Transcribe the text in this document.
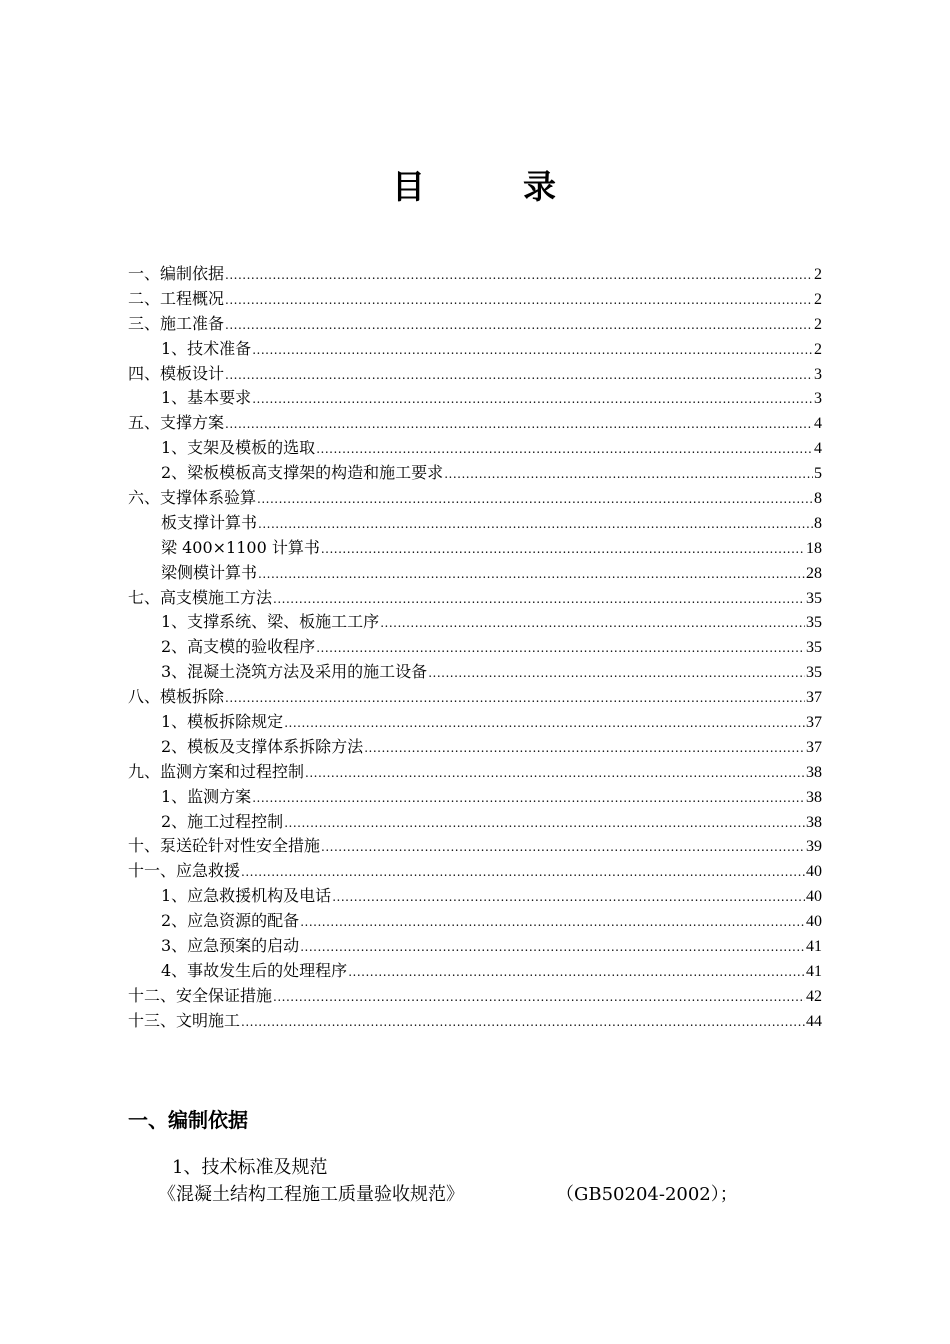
目	录
一、编制依据 .....	2
二、工程概况 .....	2
三、施工准备 .....	2
1、技术准备 .....	2
四、模板设计 .....	3
1、基本要求 .....	3
五、支撑方案 .....	4
1、支架及模板的选取 .....	4
2、梁板模板高支撑架的构造和施工要求 .....	5
六、支撑体系验算 .....	8
板支撑计算书 .....	8
梁 400×1100 计算书 .....	18
梁侧模计算书 .....	28
七、高支模施工方法 .....	35
1、支撑系统、梁、板施工工序 .....	35
2、高支模的验收程序 .....	35
3、混凝土浇筑方法及采用的施工设备 .....	35
八、模板拆除 .....	37
1、模板拆除规定 .....	37
2、模板及支撑体系拆除方法 .....	37
九、监测方案和过程控制 .....	38
1、监测方案 .....	38
2、施工过程控制 .....	38
十、泵送砼针对性安全措施 .....	39
十一、应急救援 .....	40
1、应急救援机构及电话 .....	40
2、应急资源的配备 .....	40
3、应急预案的启动 .....	41
4、事故发生后的处理程序 .....	41
十二、安全保证措施 .....	42
十三、文明施工 .....	44
一、编制依据
1、技术标准及规范
《混凝土结构工程施工质量验收规范》	（GB50204-2002）；
